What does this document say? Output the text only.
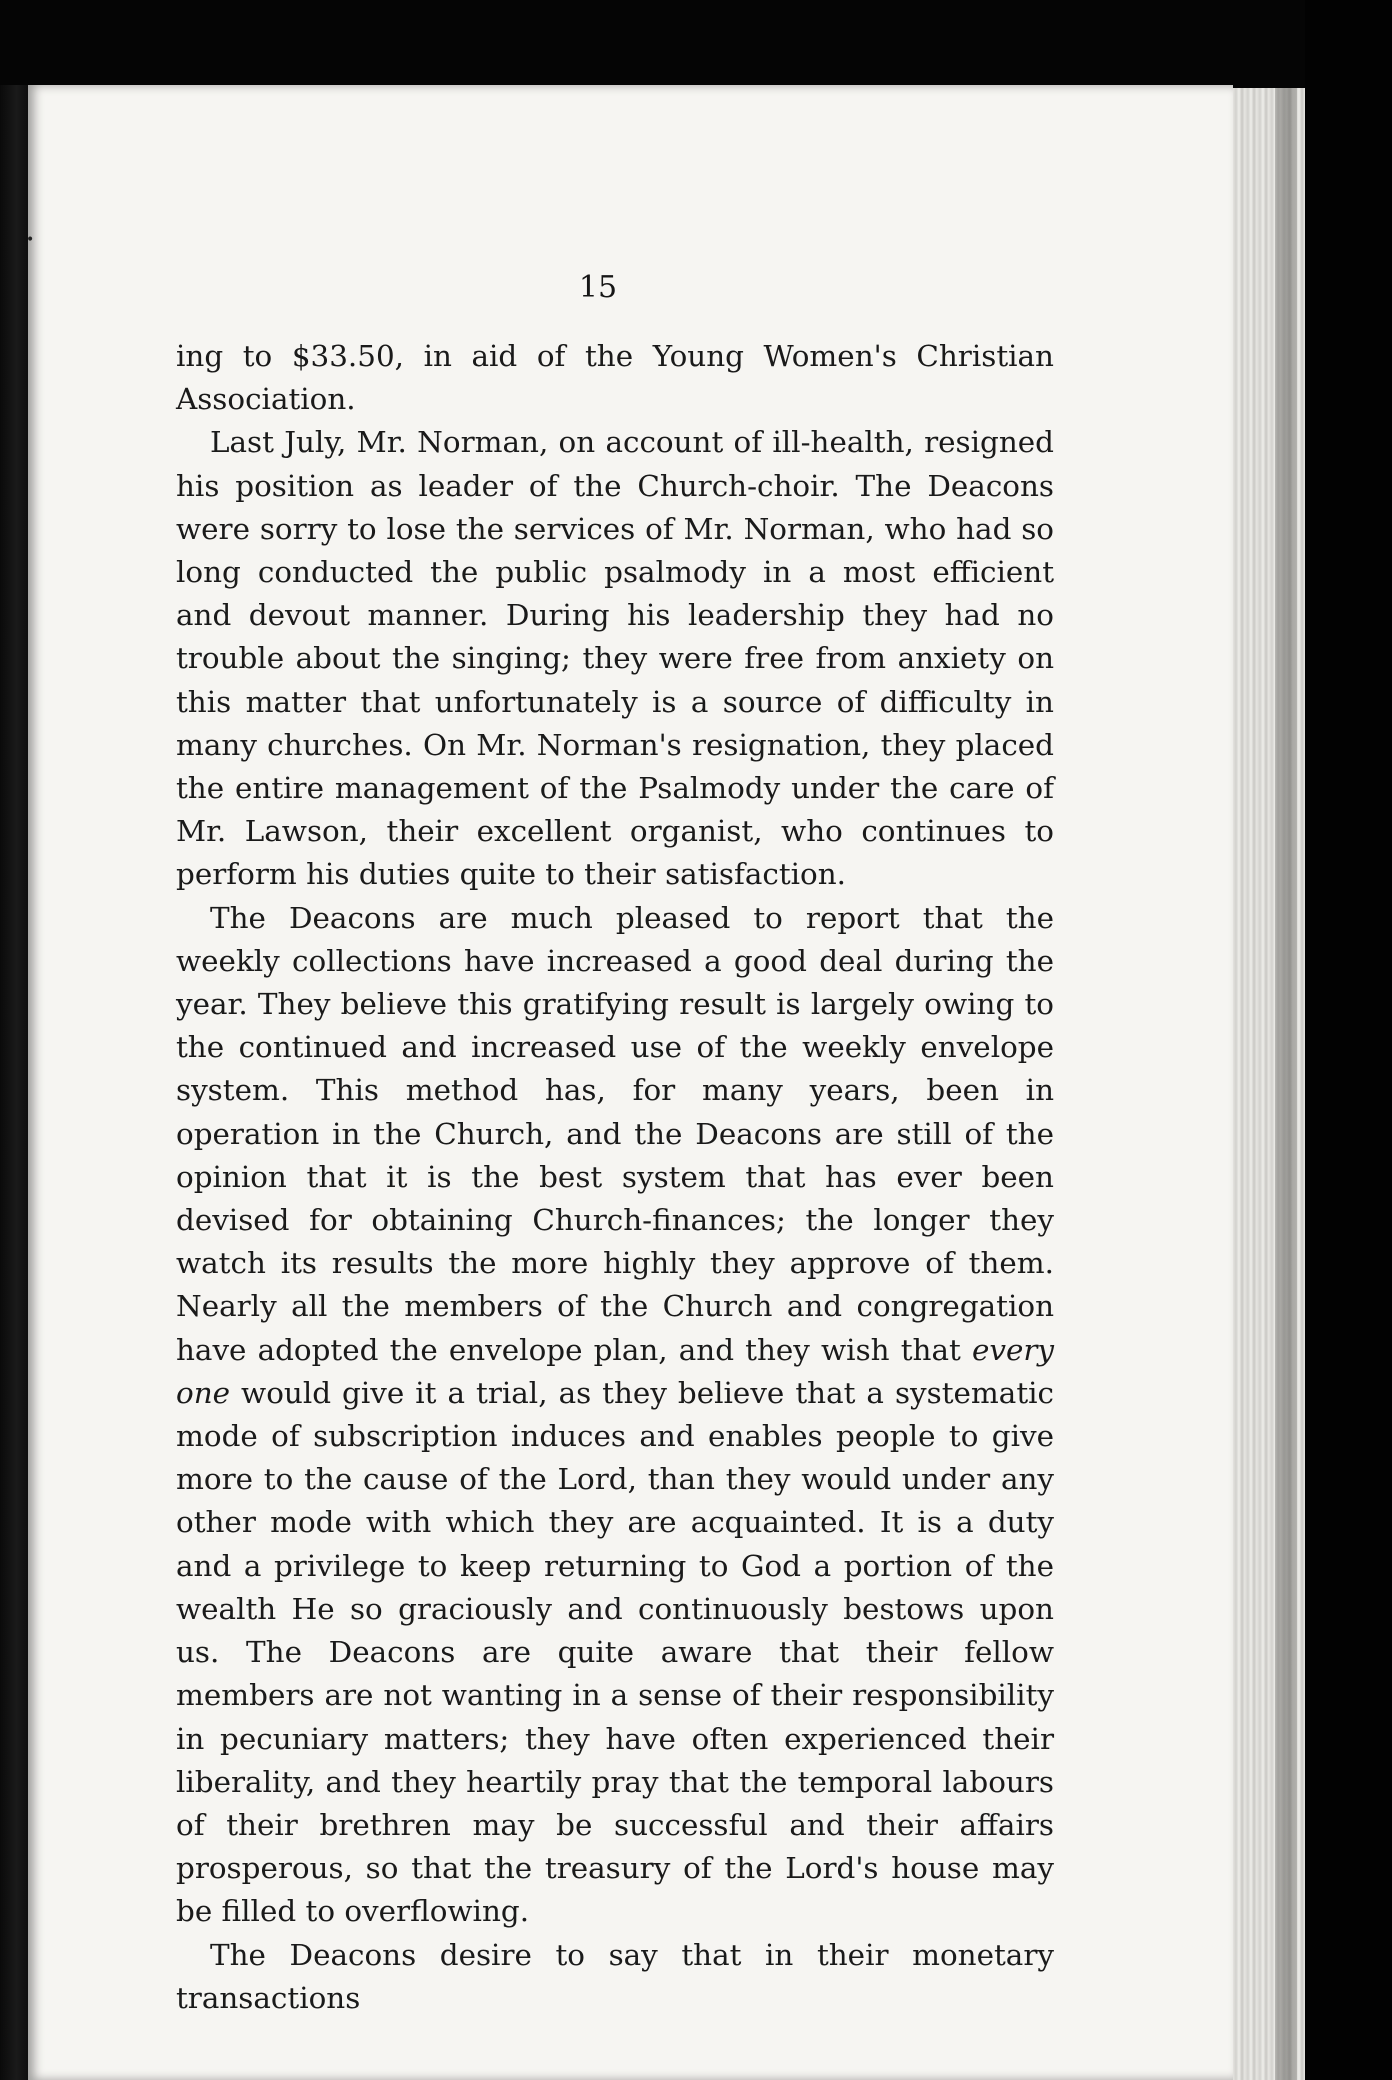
•
15

ing to $33.50, in aid of the Young Women's Christian Association.

Last July, Mr. Norman, on account of ill-health, resigned his position as leader of the Church-choir. The Deacons were sorry to lose the services of Mr. Norman, who had so long conducted the public psalmody in a most efficient and devout manner. During his leadership they had no trouble about the singing; they were free from anxiety on this matter that unfortunately is a source of difficulty in many churches. On Mr. Norman's resignation, they placed the entire management of the Psalmody under the care of Mr. Lawson, their excellent organist, who continues to perform his duties quite to their satisfaction.

The Deacons are much pleased to report that the weekly collections have increased a good deal during the year. They believe this gratifying result is largely owing to the continued and increased use of the weekly envelope system. This method has, for many years, been in operation in the Church, and the Deacons are still of the opinion that it is the best system that has ever been devised for obtaining Church-finances; the longer they watch its results the more highly they approve of them. Nearly all the members of the Church and congregation have adopted the envelope plan, and they wish that every one would give it a trial, as they believe that a systematic mode of subscription induces and enables people to give more to the cause of the Lord, than they would under any other mode with which they are acquainted. It is a duty and a privilege to keep returning to God a portion of the wealth He so graciously and continuously bestows upon us. The Deacons are quite aware that their fellow members are not wanting in a sense of their responsibility in pecuniary matters; they have often experienced their liberality, and they heartily pray that the temporal labours of their brethren may be successful and their affairs prosperous, so that the treasury of the Lord's house may be filled to overflowing.

The Deacons desire to say that in their monetary transactions
